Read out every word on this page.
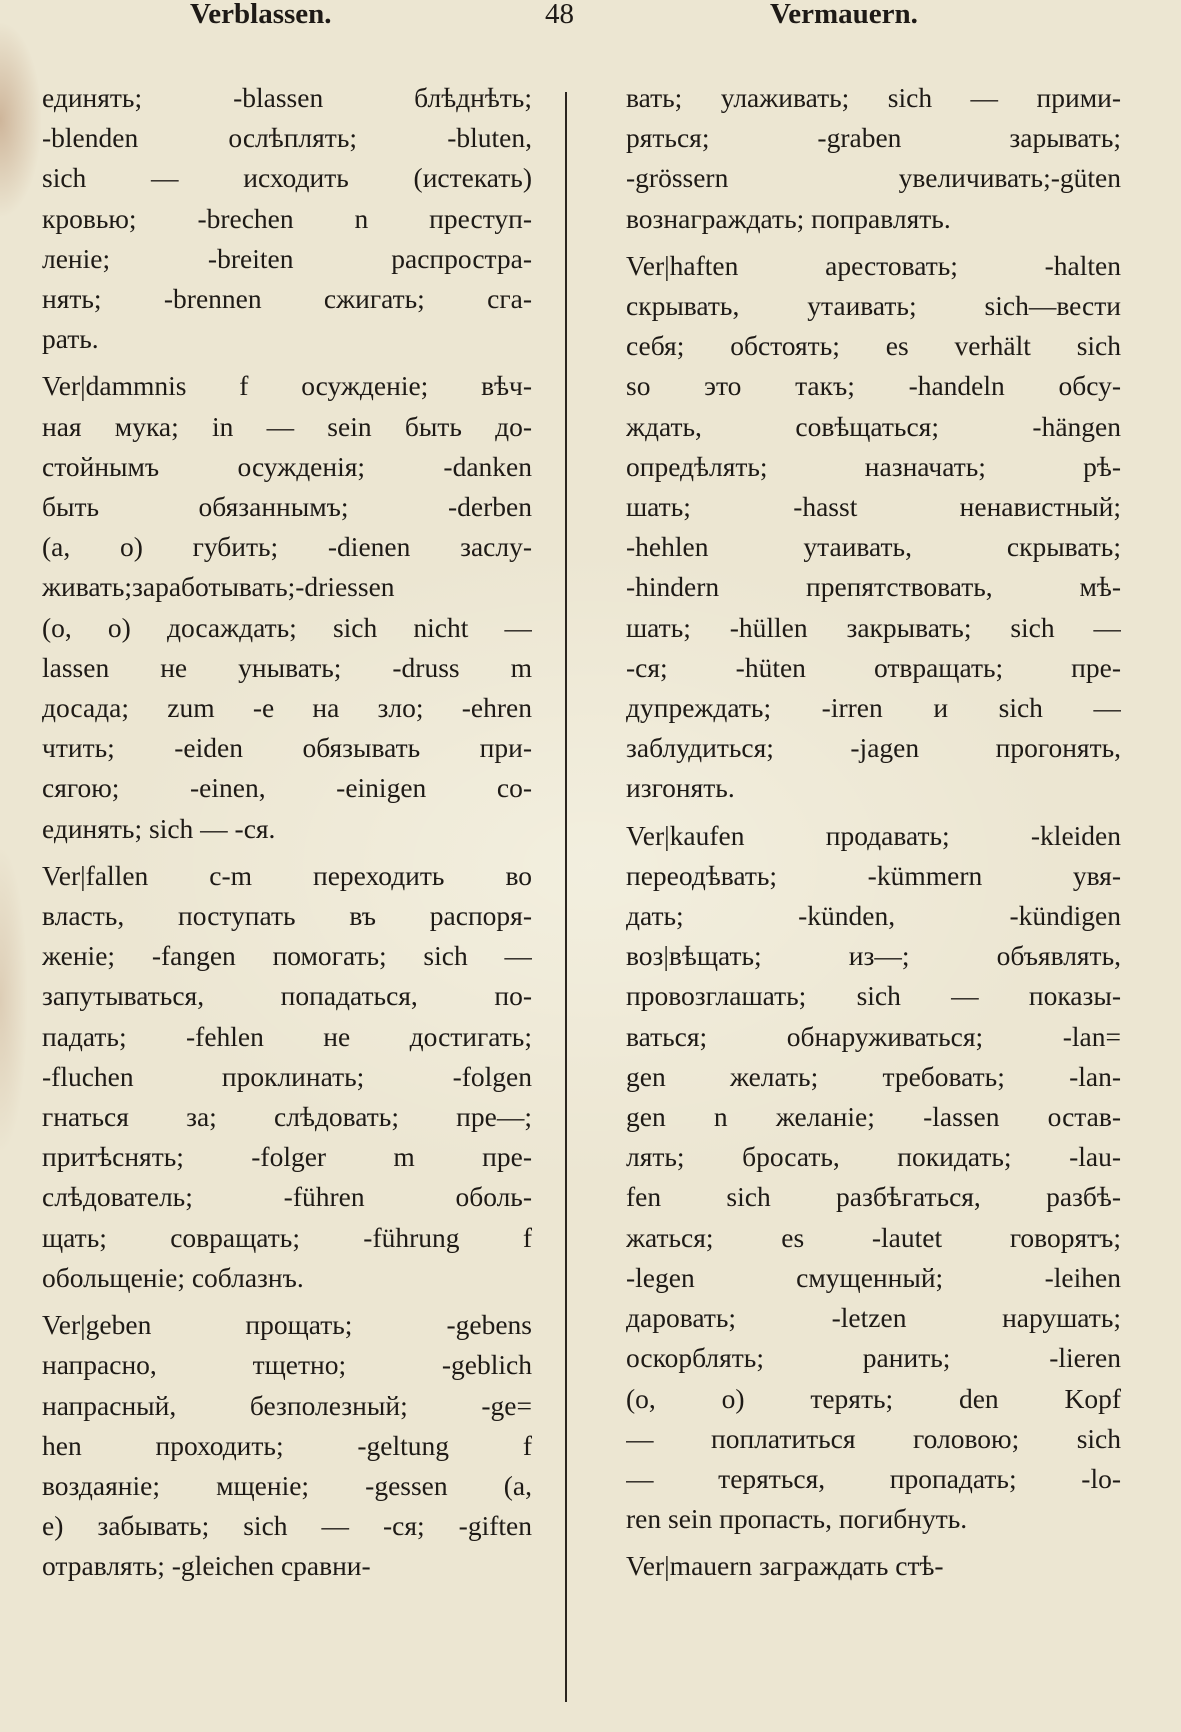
Verblassen.	48	Vermauern.
единять; -blassen блѣднѣть;
-blenden ослѣплять; -bluten,
sich — исходить (истекать)
кровью; -brechen n преступ-
леніе; -breiten распростра-
нять; -brennen сжигать; сга-
рать.
Ver|dammnis f осужденіе; вѣч-
ная мука; in — sein быть до-
стойнымъ осужденія; -danken
быть обязаннымъ; -derben
(a, o) губить; -dienen заслу-
живать;заработывать;-driessen
(o, o) досаждать; sich nicht —
lassen не унывать; -druss m
досада; zum -e на зло; -ehren
чтить; -eiden обязывать при-
сягою; -einen, -einigen со-
единять; sich — -ся.
Ver|fallen с-m переходить во
власть, поступать въ распоря-
женіе; -fangen помогать; sich —
запутываться, попадаться, по-
падать; -fehlen не достигать;
-fluchen проклинать; -folgen
гнаться за; слѣдовать; пре—;
притѣснять; -folger m пре-
слѣдователь; -führen оболь-
щать; совращать; -führung f
обольщеніе; соблазнъ.
Ver|geben прощать; -gebens
напрасно, тщетно; -geblich
напрасный, безполезный; -ge=
hen проходить; -geltung f
воздаяніе; мщеніе; -gessen (a,
e) забывать; sich — -ся; -giften
отравлять; -gleichen сравни-
вать; улаживать; sich — прими-
ряться; -graben зарывать;
-grössern увеличивать;-güten
вознаграждать; поправлять.
Ver|haften арестовать; -halten
скрывать, утаивать; sich—вести
себя; обстоять; es verhält sich
so это такъ; -handeln обсу-
ждать, совѣщаться; -hängen
опредѣлять; назначать; рѣ-
шать; -hasst ненавистный;
-hehlen утаивать, скрывать;
-hindern препятствовать, мѣ-
шать; -hüllen закрывать; sich —
-ся; -hüten отвращать; пре-
дупреждать; -irren и sich —
заблудиться; -jagen прогонять,
изгонять.
Ver|kaufen продавать; -kleiden
переодѣвать; -kümmern увя-
дать; -künden, -kündigen
воз|вѣщать; из—; объявлять,
провозглашать; sich — показы-
ваться; обнаруживаться; -lan=
gen желать; требовать; -lan-
gen n желаніе; -lassen остав-
лять; бросать, покидать; -lau-
fen sich разбѣгаться, разбѣ-
жаться; es -lautet говорятъ;
-legen смущенный; -leihen
даровать; -letzen нарушать;
оскорблять; ранить; -lieren
(o, o) терять; den Kopf
— поплатиться головою; sich
— теряться, пропадать; -lo-
ren sein пропасть, погибнуть.
Ver|mauern заграждать стѣ-
